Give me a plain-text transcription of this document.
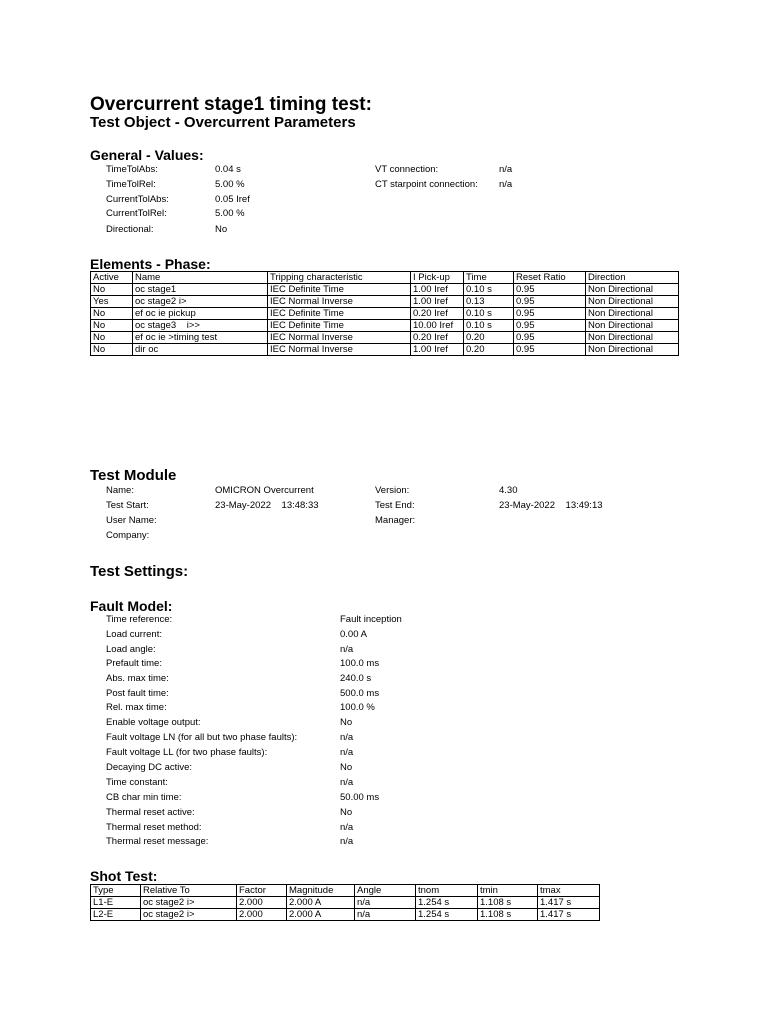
Overcurrent stage1 timing test:
Test Object - Overcurrent Parameters
General - Values:
TimeTolAbs:	0.04 s
TimeTolRel:	5.00 %
CurrentTolAbs:	0.05 Iref
CurrentTolRel:	5.00 %
Directional:	No
VT connection:	n/a
CT starpoint connection: n/a
Elements - Phase:
Active	Name	Tripping characteristic	I Pick-up	Time	Reset Ratio	Direction
No	oc stage1	IEC Definite Time	1.00 Iref	0.10 s	0.95	Non Directional
Yes	oc stage2 i>	IEC Normal Inverse	1.00 Iref	0.13	0.95	Non Directional
No	ef oc ie pickup	IEC Definite Time	0.20 Iref	0.10 s	0.95	Non Directional
No	oc stage3    i>>	IEC Definite Time	10.00 Iref	0.10 s	0.95	Non Directional
No	ef oc ie >timing test	IEC Normal Inverse	0.20 Iref	0.20	0.95	Non Directional
No	dir oc	IEC Normal Inverse	1.00 Iref	0.20	0.95	Non Directional
Test Module
Name:	OMICRON Overcurrent
Test Start:	23-May-2022    13:48:33
User Name:
Company:
Version:	4.30
Test End:	23-May-2022    13:49:13
Manager:
Test Settings:
Fault Model:
Time reference:	Fault inception
Load current:	0.00 A
Load angle:	n/a
Prefault time:	100.0 ms
Abs. max time:	240.0 s
Post fault time:	500.0 ms
Rel. max time:	100.0 %
Enable voltage output:	No
Fault voltage LN (for all but two phase faults):	n/a
Fault voltage LL (for two phase faults):	n/a
Decaying DC active:	No
Time constant:	n/a
CB char min time:	50.00 ms
Thermal reset active:	No
Thermal reset method:	n/a
Thermal reset message:	n/a
Shot Test:
Type	Relative To	Factor	Magnitude	Angle	tnom	tmin	tmax
L1-E	oc stage2 i>	2.000	2.000 A	n/a	1.254 s	1.108 s	1.417 s
L2-E	oc stage2 i>	2.000	2.000 A	n/a	1.254 s	1.108 s	1.417 s
